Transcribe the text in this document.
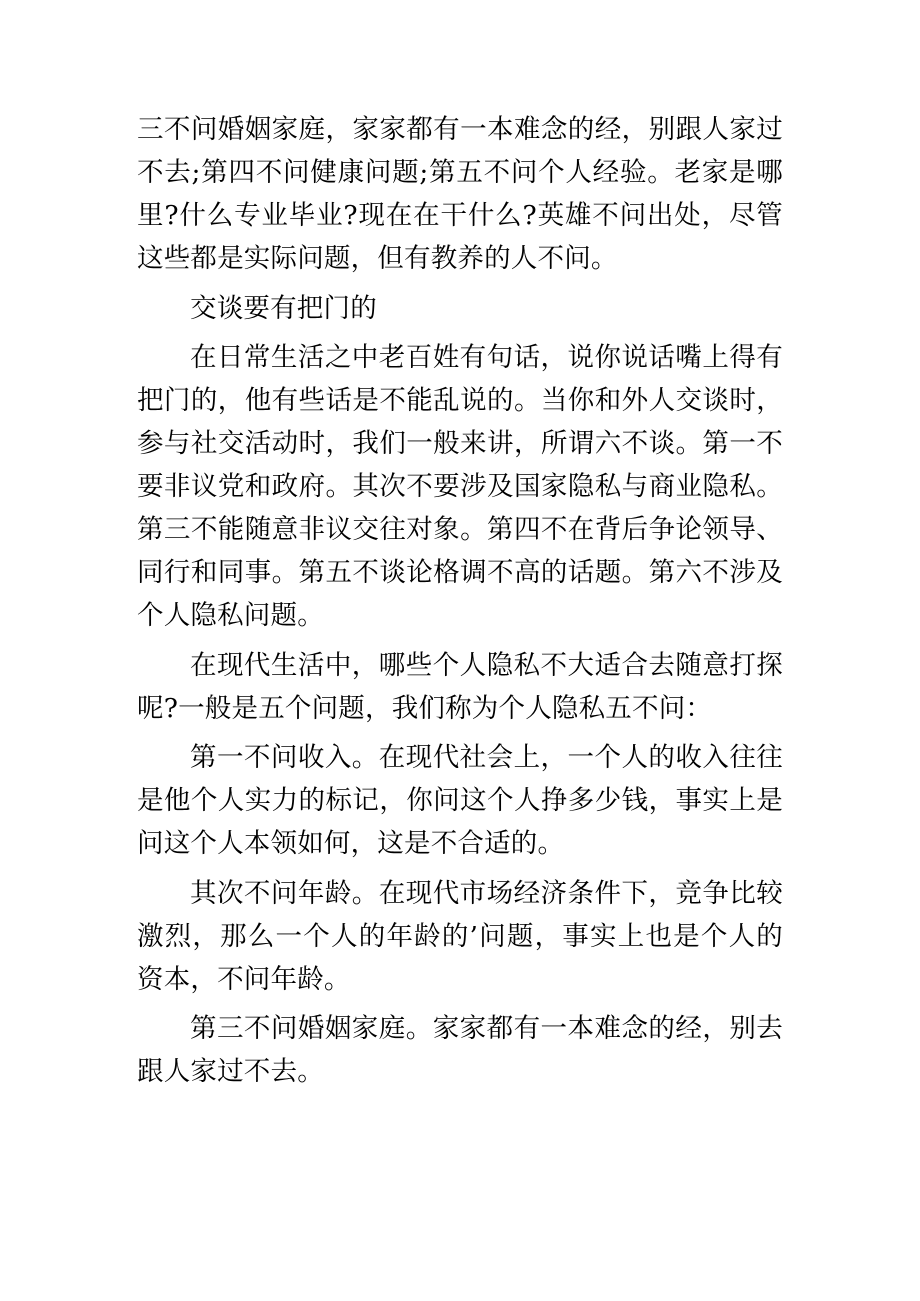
三不问婚姻家庭，家家都有一本难念的经，别跟人家过不去;第四不问健康问题;第五不问个人经验。老家是哪里?什么专业毕业?现在在干什么?英雄不问出处，尽管这些都是实际问题，但有教养的人不问。

交谈要有把门的

在日常生活之中老百姓有句话，说你说话嘴上得有把门的，他有些话是不能乱说的。当你和外人交谈时，参与社交活动时，我们一般来讲，所谓六不谈。第一不要非议党和政府。其次不要涉及国家隐私与商业隐私。第三不能随意非议交往对象。第四不在背后争论领导、同行和同事。第五不谈论格调不高的话题。第六不涉及个人隐私问题。

在现代生活中，哪些个人隐私不大适合去随意打探呢?一般是五个问题，我们称为个人隐私五不问：

第一不问收入。在现代社会上，一个人的收入往往是他个人实力的标记，你问这个人挣多少钱，事实上是问这个人本领如何，这是不合适的。

其次不问年龄。在现代市场经济条件下，竞争比较激烈，那么一个人的年龄的’问题，事实上也是个人的资本，不问年龄。

第三不问婚姻家庭。家家都有一本难念的经，别去跟人家过不去。
